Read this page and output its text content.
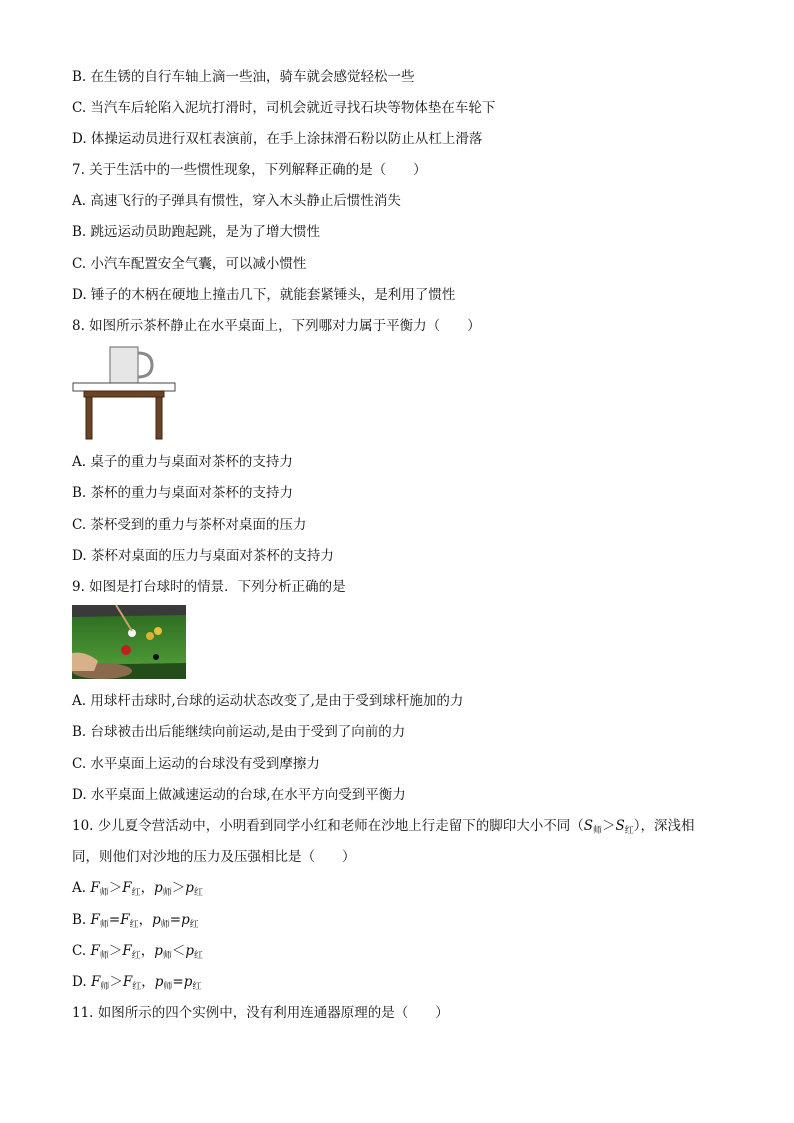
B. 在生锈的自行车轴上滴一些油，骑车就会感觉轻松一些
C. 当汽车后轮陷入泥坑打滑时，司机会就近寻找石块等物体垫在车轮下
D. 体操运动员进行双杠表演前，在手上涂抹滑石粉以防止从杠上滑落
7. 关于生活中的一些惯性现象，下列解释正确的是（　　）
A. 高速飞行的子弹具有惯性，穿入木头静止后惯性消失
B. 跳远运动员助跑起跳，是为了增大惯性
C. 小汽车配置安全气囊，可以减小惯性
D. 锤子的木柄在硬地上撞击几下，就能套紧锤头，是利用了惯性
8. 如图所示茶杯静止在水平桌面上，下列哪对力属于平衡力（　　）
A. 桌子的重力与桌面对茶杯的支持力
B. 茶杯的重力与桌面对茶杯的支持力
C. 茶杯受到的重力与茶杯对桌面的压力
D. 茶杯对桌面的压力与桌面对茶杯的支持力
9. 如图是打台球时的情景．下列分析正确的是
A. 用球杆击球时,台球的运动状态改变了,是由于受到球杆施加的力
B. 台球被击出后能继续向前运动,是由于受到了向前的力
C. 水平桌面上运动的台球没有受到摩擦力
D. 水平桌面上做减速运动的台球,在水平方向受到平衡力
10. 少儿夏令营活动中，小明看到同学小红和老师在沙地上行走留下的脚印大小不同$(S_师>S_红)$，深浅相
同，则他们对沙地的压力及压强相比是（　　）
A. $F_师>F_红$，$p_师>p_红$
B. $F_师=F_红$，$p_师=p_红$
C. $F_师>F_红$，$p_师<p_红$
D. $F_师>F_红$，$p_师=p_红$
11. 如图所示的四个实例中，没有利用连通器原理的是（　　）
